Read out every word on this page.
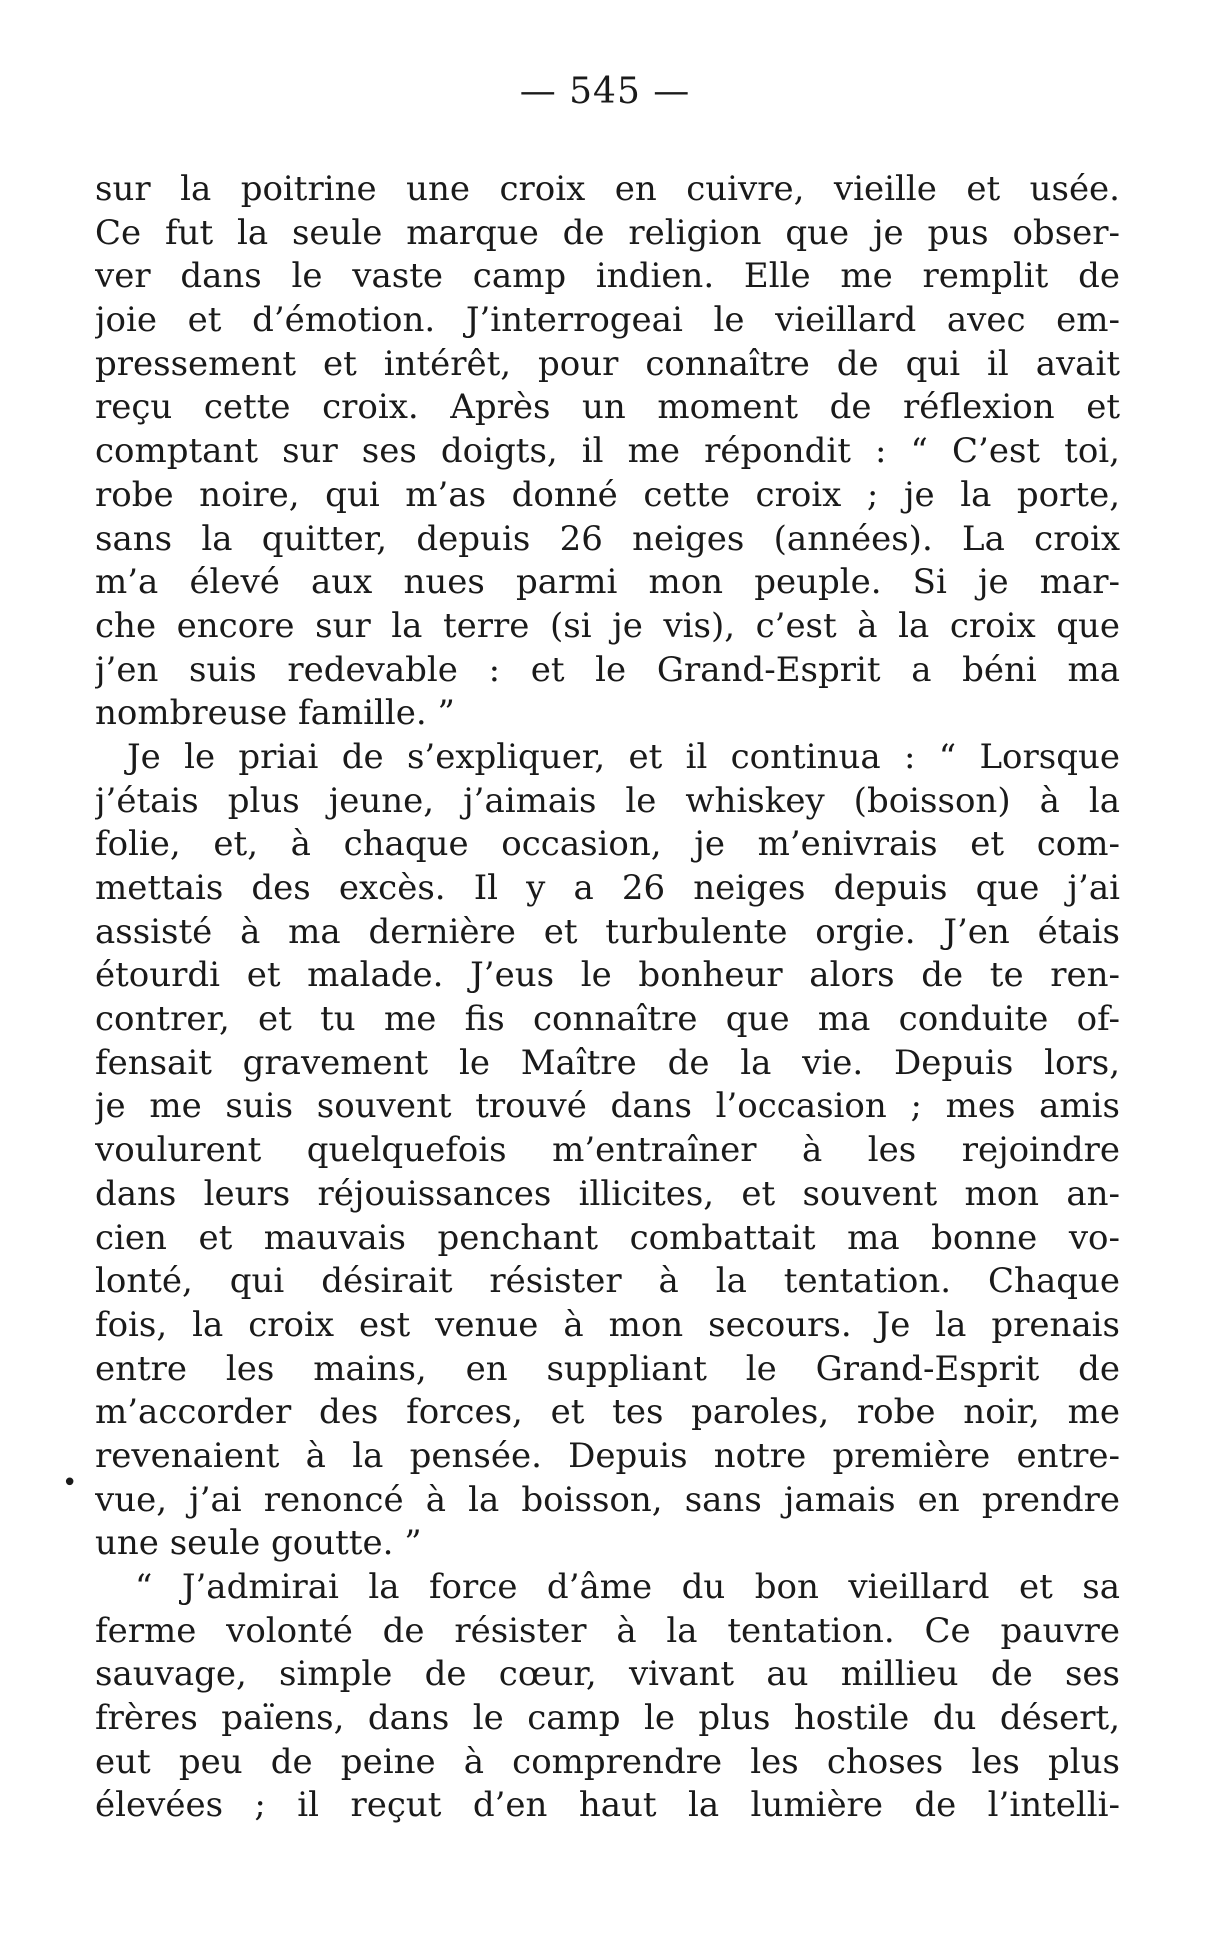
— 545 —
•
sur la poitrine une croix en cuivre, vieille et usée.
Ce fut la seule marque de religion que je pus obser-
ver dans le vaste camp indien. Elle me remplit de
joie et d’émotion. J’interrogeai le vieillard avec em-
pressement et intérêt, pour connaître de qui il avait
reçu cette croix. Après un moment de réflexion et
comptant sur ses doigts, il me répondit : “ C’est toi,
robe noire, qui m’as donné cette croix ; je la porte,
sans la quitter, depuis 26 neiges (années). La croix
m’a élevé aux nues parmi mon peuple. Si je mar-
che encore sur la terre (si je vis), c’est à la croix que
j’en suis redevable : et le Grand-Esprit a béni ma
nombreuse famille. ”
Je le priai de s’expliquer, et il continua : “ Lorsque
j’étais plus jeune, j’aimais le whiskey (boisson) à la
folie, et, à chaque occasion, je m’enivrais et com-
mettais des excès. Il y a 26 neiges depuis que j’ai
assisté à ma dernière et turbulente orgie. J’en étais
étourdi et malade. J’eus le bonheur alors de te ren-
contrer, et tu me fis connaître que ma conduite of-
fensait gravement le Maître de la vie. Depuis lors,
je me suis souvent trouvé dans l’occasion ; mes amis
voulurent quelquefois m’entraîner à les rejoindre
dans leurs réjouissances illicites, et souvent mon an-
cien et mauvais penchant combattait ma bonne vo-
lonté, qui désirait résister à la tentation. Chaque
fois, la croix est venue à mon secours. Je la prenais
entre les mains, en suppliant le Grand-Esprit de
m’accorder des forces, et tes paroles, robe noir, me
revenaient à la pensée. Depuis notre première entre-
vue, j’ai renoncé à la boisson, sans jamais en prendre
une seule goutte. ”
“ J’admirai la force d’âme du bon vieillard et sa
ferme volonté de résister à la tentation. Ce pauvre
sauvage, simple de cœur, vivant au millieu de ses
frères païens, dans le camp le plus hostile du désert,
eut peu de peine à comprendre les choses les plus
élevées ; il reçut d’en haut la lumière de l’intelli-
